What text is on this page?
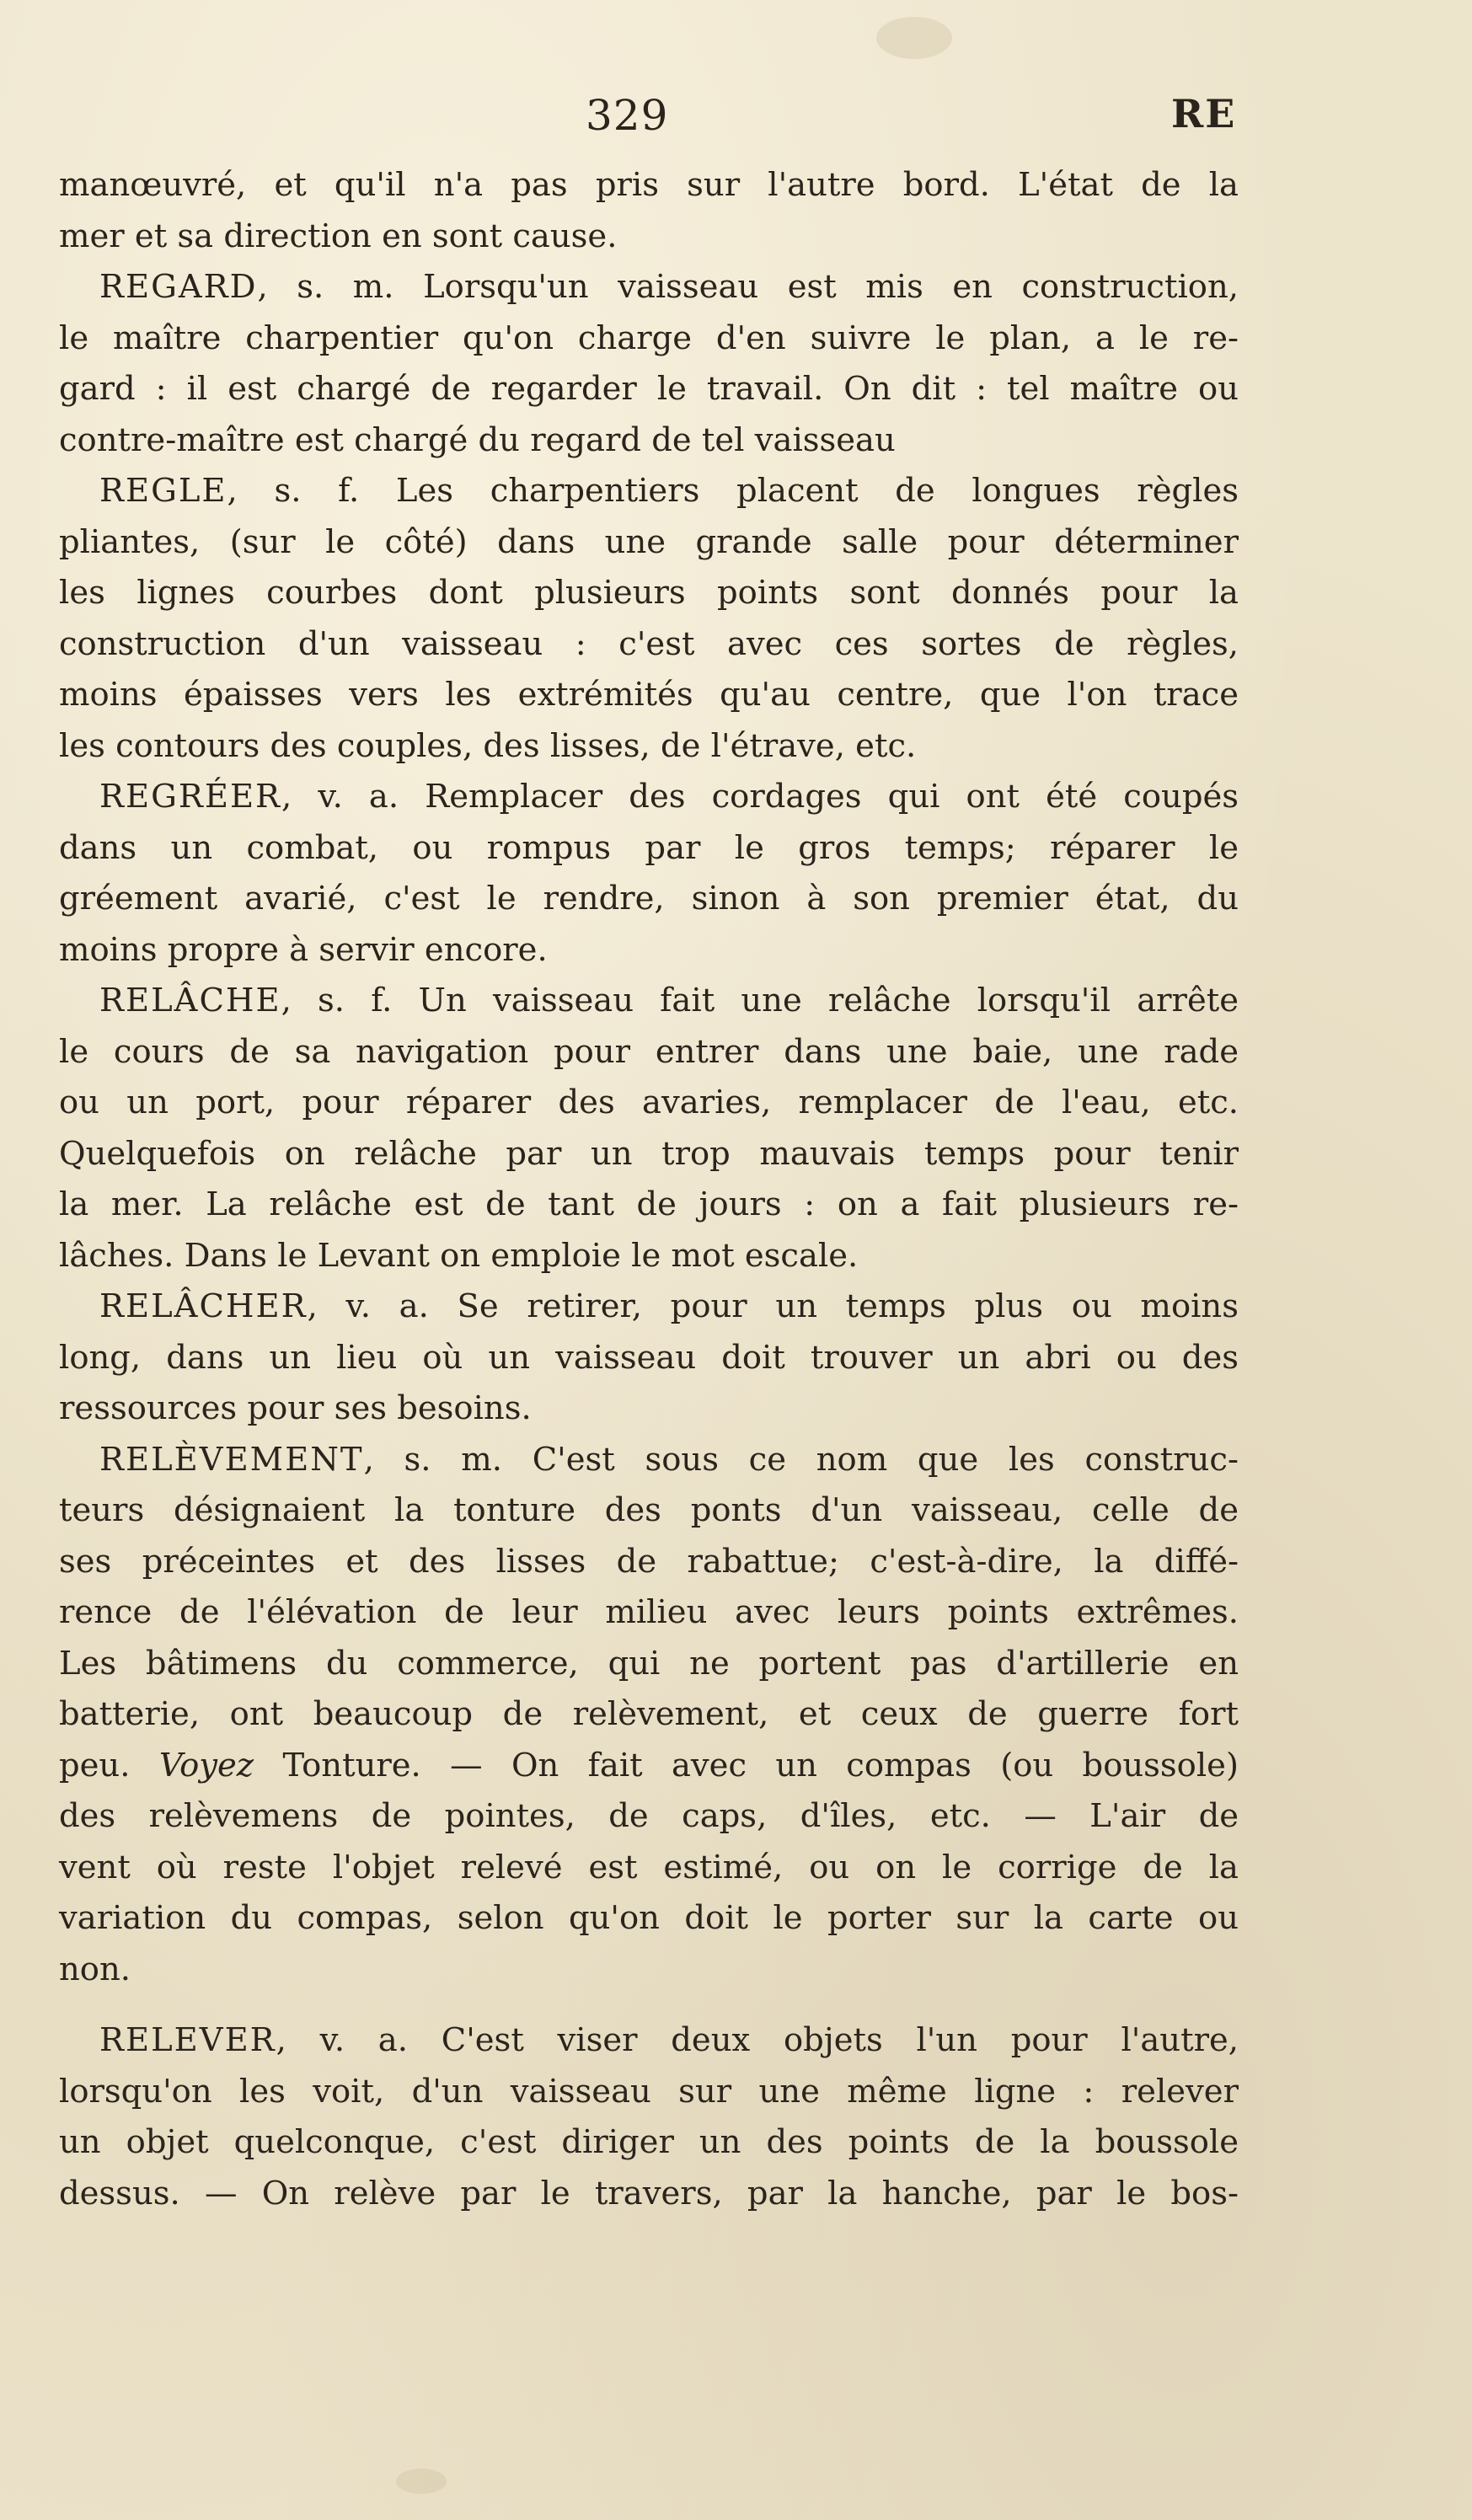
329	RE
manœuvré, et qu'il n'a pas pris sur l'autre bord. L'état de la
mer et sa direction en sont cause.
REGARD, s. m. Lorsqu'un vaisseau est mis en construction,
le maître charpentier qu'on charge d'en suivre le plan, a le re-
gard : il est chargé de regarder le travail. On dit : tel maître ou
contre-maître est chargé du regard de tel vaisseau
REGLE, s. f. Les charpentiers placent de longues règles
pliantes, (sur le côté) dans une grande salle pour déterminer
les lignes courbes dont plusieurs points sont donnés pour la
construction d'un vaisseau : c'est avec ces sortes de règles,
moins épaisses vers les extrémités qu'au centre, que l'on trace
les contours des couples, des lisses, de l'étrave, etc.
REGRÉER, v. a. Remplacer des cordages qui ont été coupés
dans un combat, ou rompus par le gros temps; réparer le
gréement avarié, c'est le rendre, sinon à son premier état, du
moins propre à servir encore.
RELÂCHE, s. f. Un vaisseau fait une relâche lorsqu'il arrête
le cours de sa navigation pour entrer dans une baie, une rade
ou un port, pour réparer des avaries, remplacer de l'eau, etc.
Quelquefois on relâche par un trop mauvais temps pour tenir
la mer. La relâche est de tant de jours : on a fait plusieurs re-
lâches. Dans le Levant on emploie le mot escale.
RELÂCHER, v. a. Se retirer, pour un temps plus ou moins
long, dans un lieu où un vaisseau doit trouver un abri ou des
ressources pour ses besoins.
RELÈVEMENT, s. m. C'est sous ce nom que les construc-
teurs désignaient la tonture des ponts d'un vaisseau, celle de
ses préceintes et des lisses de rabattue; c'est-à-dire, la diffé-
rence de l'élévation de leur milieu avec leurs points extrêmes.
Les bâtimens du commerce, qui ne portent pas d'artillerie en
batterie, ont beaucoup de relèvement, et ceux de guerre fort
peu. Voyez Tonture. — On fait avec un compas (ou boussole)
des relèvemens de pointes, de caps, d'îles, etc. — L'air de
vent où reste l'objet relevé est estimé, ou on le corrige de la
variation du compas, selon qu'on doit le porter sur la carte ou
non.
RELEVER, v. a. C'est viser deux objets l'un pour l'autre,
lorsqu'on les voit, d'un vaisseau sur une même ligne : relever
un objet quelconque, c'est diriger un des points de la boussole
dessus. — On relève par le travers, par la hanche, par le bos-
